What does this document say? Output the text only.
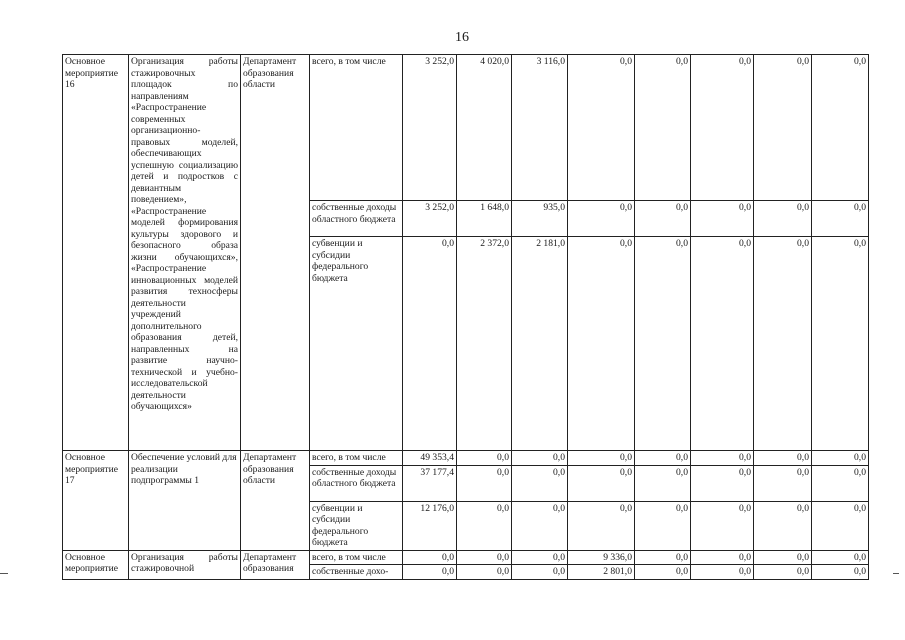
16
Основное мероприятие 16	Организация работы стажировочных площадок по направлениям «Распространение современных организационно-правовых моделей, обеспечивающих успешную социализацию детей и подростков с девиантным поведением», «Распространение моделей формирования культуры здорового и безопасного образа жизни обучающихся», «Распространение инновационных моделей развития техносферы деятельности учреждений дополнительного образования детей, направленных на развитие научно-технической и учебно-исследовательской деятельности обучающихся»	Департамент образования области	всего, в том числе	3 252,0	4 020,0	3 116,0	0,0	0,0	0,0	0,0	0,0
			собственные доходы областного бюджета	3 252,0	1 648,0	935,0	0,0	0,0	0,0	0,0	0,0
			субвенции и субсидии федерального бюджета	0,0	2 372,0	2 181,0	0,0	0,0	0,0	0,0	0,0
Основное мероприятие 17	Обеспечение условий для реализации подпрограммы 1	Департамент образования области	всего, в том числе	49 353,4	0,0	0,0	0,0	0,0	0,0	0,0	0,0
			собственные доходы областного бюджета	37 177,4	0,0	0,0	0,0	0,0	0,0	0,0	0,0
			субвенции и субсидии федерального бюджета	12 176,0	0,0	0,0	0,0	0,0	0,0	0,0	0,0
Основное мероприятие	Организация работы стажировочной	Департамент образования	всего, в том числе	0,0	0,0	0,0	9 336,0	0,0	0,0	0,0	0,0
			собственные дохо-	0,0	0,0	0,0	2 801,0	0,0	0,0	0,0	0,0
